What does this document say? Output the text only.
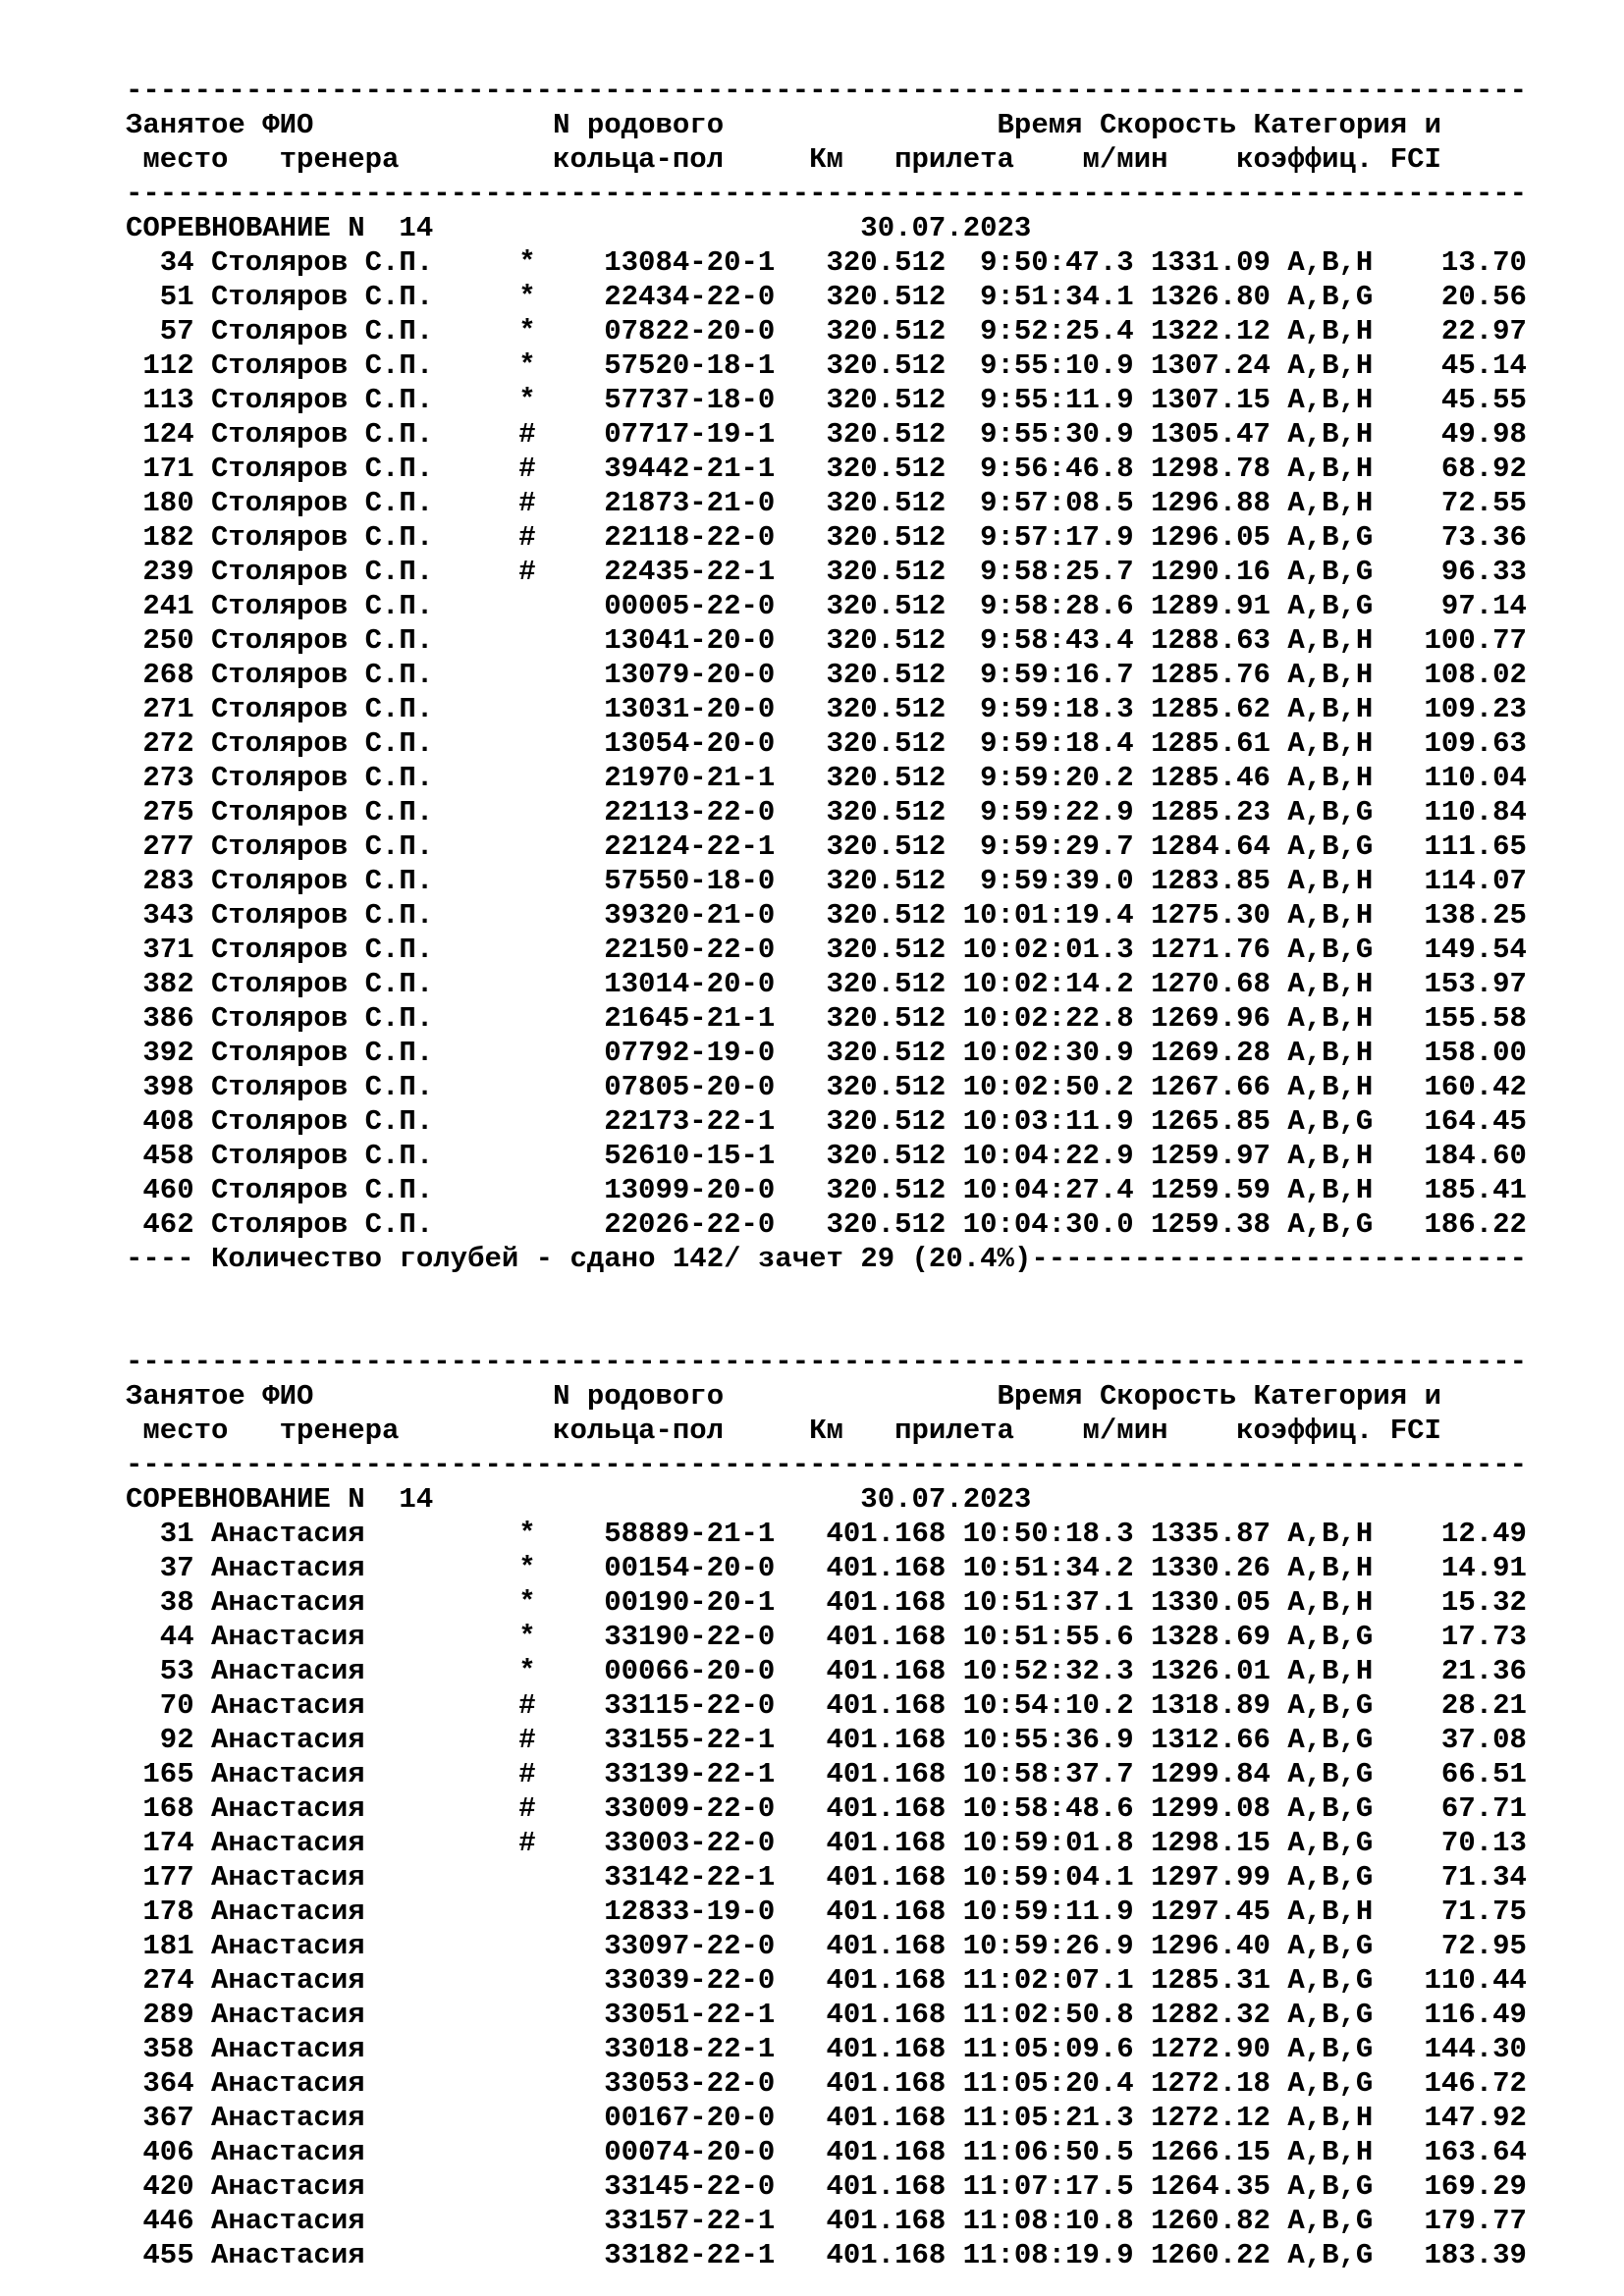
----------------------------------------------------------------------------------
Занятое ФИО	N родового	Время Скорость Категория и
место тренера	кольца-пол	Км прилета м/мин коэффиц. FCI
----------------------------------------------------------------------------------
СОРЕВНОВАНИЕ N 14	30.07.2023
34 Столяров С.П.	* 13084-20-1 320.512 9:50:47.3 1331.09 A,B,H 13.70
51 Столяров С.П.	* 22434-22-0 320.512 9:51:34.1 1326.80 A,B,G 20.56
57 Столяров С.П.	* 07822-20-0 320.512 9:52:25.4 1322.12 A,B,H 22.97
112 Столяров С.П.	* 57520-18-1 320.512 9:55:10.9 1307.24 A,B,H 45.14
113 Столяров С.П.	* 57737-18-0 320.512 9:55:11.9 1307.15 A,B,H 45.55
124 Столяров С.П.	# 07717-19-1 320.512 9:55:30.9 1305.47 A,B,H 49.98
171 Столяров С.П.	# 39442-21-1 320.512 9:56:46.8 1298.78 A,B,H 68.92
180 Столяров С.П.	# 21873-21-0 320.512 9:57:08.5 1296.88 A,B,H 72.55
182 Столяров С.П.	# 22118-22-0 320.512 9:57:17.9 1296.05 A,B,G 73.36
239 Столяров С.П.	# 22435-22-1 320.512 9:58:25.7 1290.16 A,B,G 96.33
241 Столяров С.П.	00005-22-0 320.512 9:58:28.6 1289.91 A,B,G 97.14
250 Столяров С.П.	13041-20-0 320.512 9:58:43.4 1288.63 A,B,H 100.77
268 Столяров С.П.	13079-20-0 320.512 9:59:16.7 1285.76 A,B,H 108.02
271 Столяров С.П.	13031-20-0 320.512 9:59:18.3 1285.62 A,B,H 109.23
272 Столяров С.П.	13054-20-0 320.512 9:59:18.4 1285.61 A,B,H 109.63
273 Столяров С.П.	21970-21-1 320.512 9:59:20.2 1285.46 A,B,H 110.04
275 Столяров С.П.	22113-22-0 320.512 9:59:22.9 1285.23 A,B,G 110.84
277 Столяров С.П.	22124-22-1 320.512 9:59:29.7 1284.64 A,B,G 111.65
283 Столяров С.П.	57550-18-0 320.512 9:59:39.0 1283.85 A,B,H 114.07
343 Столяров С.П.	39320-21-0 320.512 10:01:19.4 1275.30 A,B,H 138.25
371 Столяров С.П.	22150-22-0 320.512 10:02:01.3 1271.76 A,B,G 149.54
382 Столяров С.П.	13014-20-0 320.512 10:02:14.2 1270.68 A,B,H 153.97
386 Столяров С.П.	21645-21-1 320.512 10:02:22.8 1269.96 A,B,H 155.58
392 Столяров С.П.	07792-19-0 320.512 10:02:30.9 1269.28 A,B,H 158.00
398 Столяров С.П.	07805-20-0 320.512 10:02:50.2 1267.66 A,B,H 160.42
408 Столяров С.П.	22173-22-1 320.512 10:03:11.9 1265.85 A,B,G 164.45
458 Столяров С.П.	52610-15-1 320.512 10:04:22.9 1259.97 A,B,H 184.60
460 Столяров С.П.	13099-20-0 320.512 10:04:27.4 1259.59 A,B,H 185.41
462 Столяров С.П.	22026-22-0 320.512 10:04:30.0 1259.38 A,B,G 186.22
---- Количество голубей - сдано 142/ зачет 29 (20.4%)-----------------------------
----------------------------------------------------------------------------------
Занятое ФИО	N родового	Время Скорость Категория и
место тренера	кольца-пол	Км прилета м/мин коэффиц. FCI
----------------------------------------------------------------------------------
СОРЕВНОВАНИЕ N 14	30.07.2023
31 Анастасия	* 58889-21-1 401.168 10:50:18.3 1335.87 A,B,H 12.49
37 Анастасия	* 00154-20-0 401.168 10:51:34.2 1330.26 A,B,H 14.91
38 Анастасия	* 00190-20-1 401.168 10:51:37.1 1330.05 A,B,H 15.32
44 Анастасия	* 33190-22-0 401.168 10:51:55.6 1328.69 A,B,G 17.73
53 Анастасия	* 00066-20-0 401.168 10:52:32.3 1326.01 A,B,H 21.36
70 Анастасия	# 33115-22-0 401.168 10:54:10.2 1318.89 A,B,G 28.21
92 Анастасия	# 33155-22-1 401.168 10:55:36.9 1312.66 A,B,G 37.08
165 Анастасия	# 33139-22-1 401.168 10:58:37.7 1299.84 A,B,G 66.51
168 Анастасия	# 33009-22-0 401.168 10:58:48.6 1299.08 A,B,G 67.71
174 Анастасия	# 33003-22-0 401.168 10:59:01.8 1298.15 A,B,G 70.13
177 Анастасия	33142-22-1 401.168 10:59:04.1 1297.99 A,B,G 71.34
178 Анастасия	12833-19-0 401.168 10:59:11.9 1297.45 A,B,H 71.75
181 Анастасия	33097-22-0 401.168 10:59:26.9 1296.40 A,B,G 72.95
274 Анастасия	33039-22-0 401.168 11:02:07.1 1285.31 A,B,G 110.44
289 Анастасия	33051-22-1 401.168 11:02:50.8 1282.32 A,B,G 116.49
358 Анастасия	33018-22-1 401.168 11:05:09.6 1272.90 A,B,G 144.30
364 Анастасия	33053-22-0 401.168 11:05:20.4 1272.18 A,B,G 146.72
367 Анастасия	00167-20-0 401.168 11:05:21.3 1272.12 A,B,H 147.92
406 Анастасия	00074-20-0 401.168 11:06:50.5 1266.15 A,B,H 163.64
420 Анастасия	33145-22-0 401.168 11:07:17.5 1264.35 A,B,G 169.29
446 Анастасия	33157-22-1 401.168 11:08:10.8 1260.82 A,B,G 179.77
455 Анастасия	33182-22-1 401.168 11:08:19.9 1260.22 A,B,G 183.39
